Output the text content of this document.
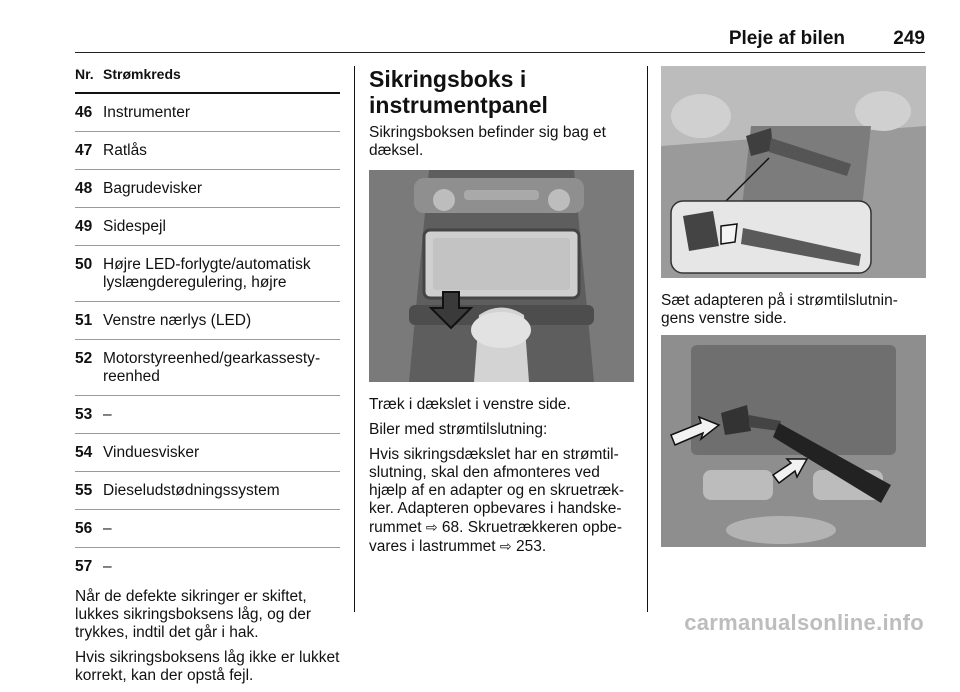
Pleje af bilen	249
Nr. Strømkreds
46 Instrumenter
47 Ratlås
48 Bagrudevisker
49 Sidespejl
50 Højre LED-forlygte/automatisk lyslængderegulering, højre
51 Venstre nærlys (LED)
52 Motorstyreenhed/gearkassestyreenhed
53 –
54 Vinduesvisker
55 Dieseludstødningssystem
56 –
57 –

Når de defekte sikringer er skiftet, lukkes sikringsboksens låg, og der trykkes, indtil det går i hak.

Hvis sikringsboksens låg ikke er lukket korrekt, kan der opstå fejl.

Sikringsboks i instrumentpanel

Sikringsboksen befinder sig bag et dæksel.

Træk i dækslet i venstre side.

Biler med strømtilslutning:

Hvis sikringsdækslet har en strømtilslutning, skal den afmonteres ved hjælp af en adapter og en skruetrækker. Adapteren opbevares i handskerummet ⇨ 68. Skruetrækkeren opbevares i lastrummet ⇨ 253.

Sæt adapteren på i strømtilslutningens venstre side.

carmanualsonline.info
